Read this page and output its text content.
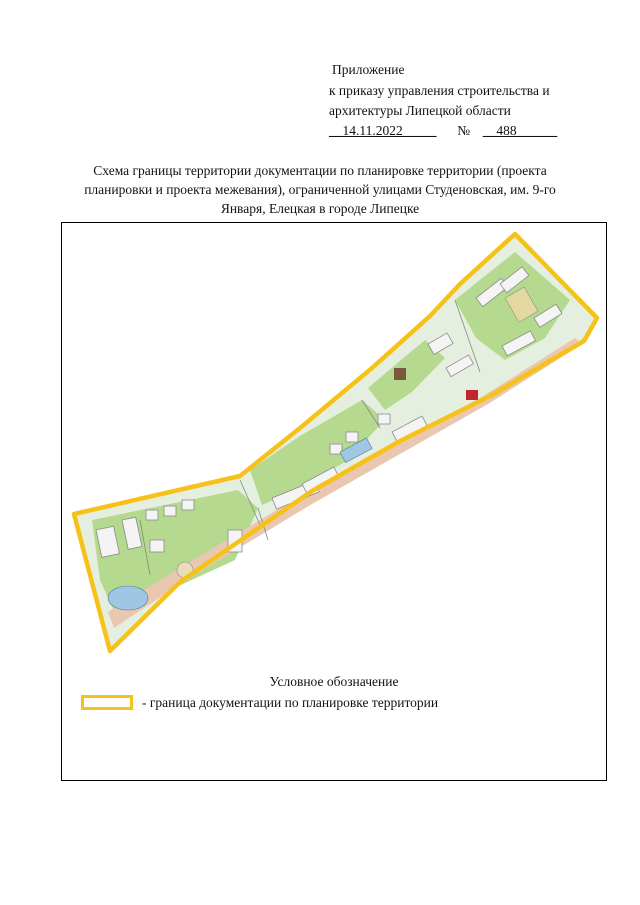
Приложение
к приказу управления строительства и
архитектуры Липецкой области
__14.11.2022_____ № __488______
Схема границы территории документации по планировке территории (проекта
планировки и проекта межевания), ограниченной улицами Студеновская, им. 9-го
Января, Елецкая в городе Липецке
Условное обозначение
- граница документации по планировке территории
